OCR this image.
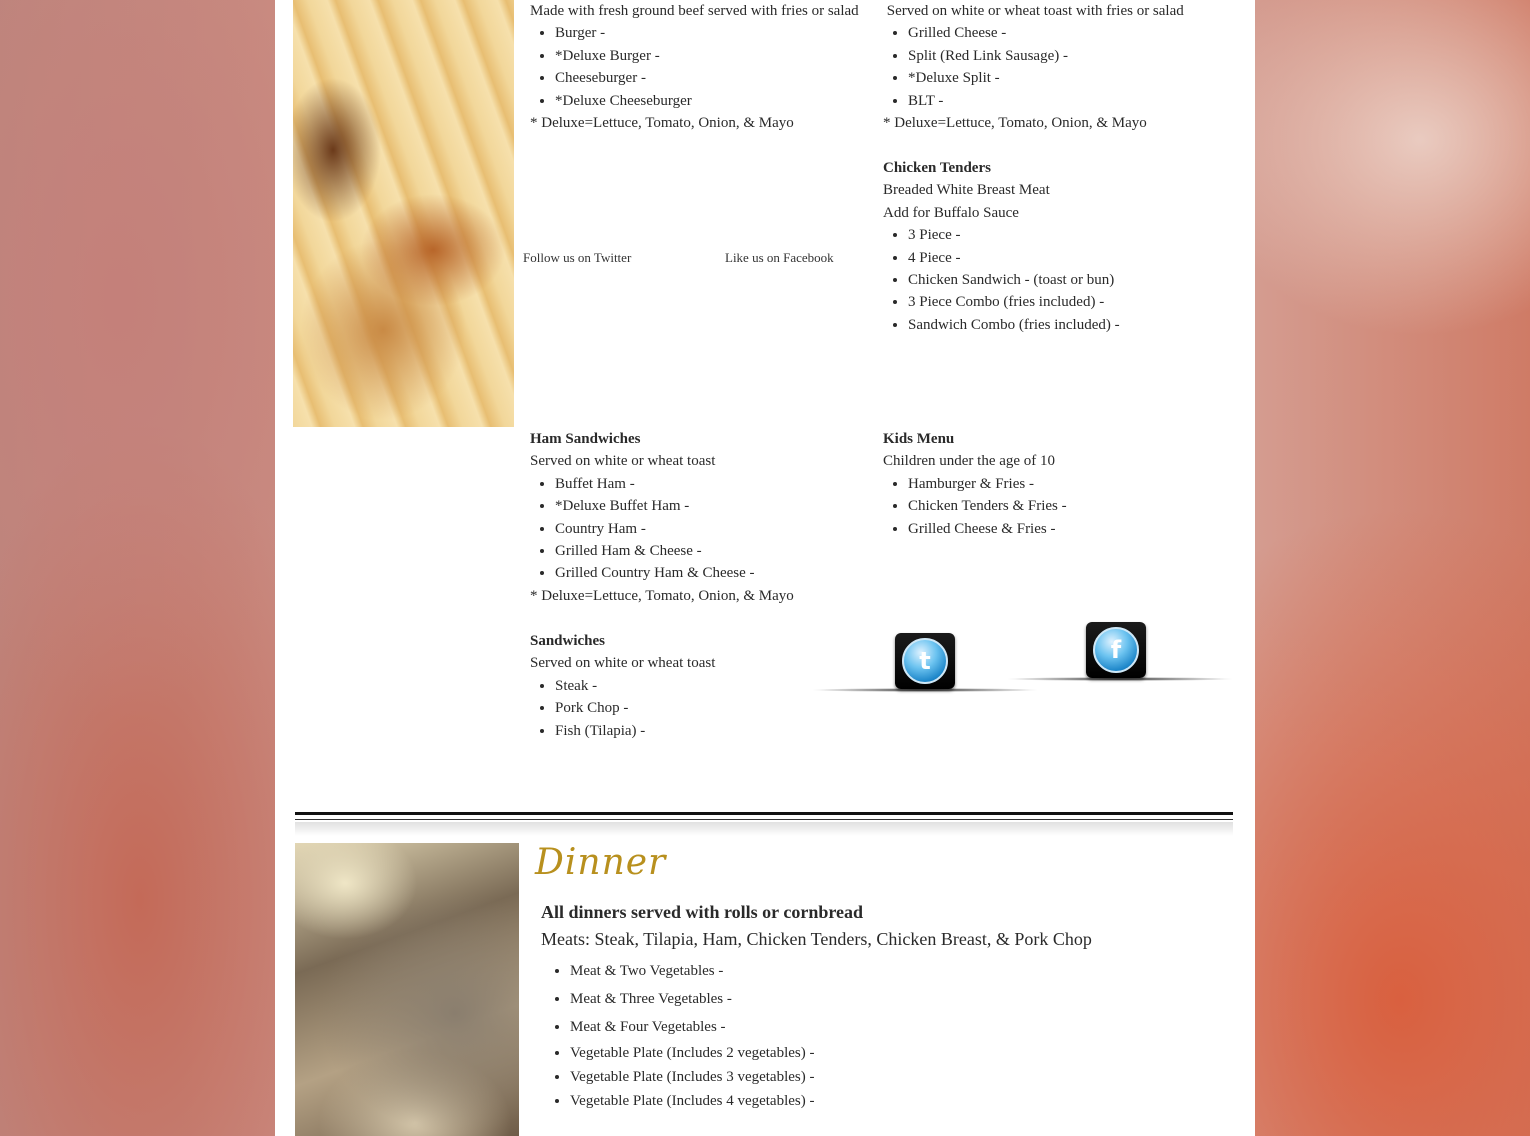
Made with fresh ground beef served with fries or salad
• Burger -
• *Deluxe Burger -
• Cheeseburger -
• *Deluxe Cheeseburger
* Deluxe=Lettuce, Tomato, Onion, & Mayo
Served on white or wheat toast with fries or salad
• Grilled Cheese -
• Split (Red Link Sausage) -
• *Deluxe Split -
• BLT -
* Deluxe=Lettuce, Tomato, Onion, & Mayo
Chicken Tenders
Breaded White Breast Meat
Add for Buffalo Sauce
• 3 Piece -
• 4 Piece -
• Chicken Sandwich - (toast or bun)
• 3 Piece Combo (fries included) -
• Sandwich Combo (fries included) -
Follow us on Twitter	Like us on Facebook
Ham Sandwiches
Served on white or wheat toast
• Buffet Ham -
• *Deluxe Buffet Ham -
• Country Ham -
• Grilled Ham & Cheese -
• Grilled Country Ham & Cheese -
* Deluxe=Lettuce, Tomato, Onion, & Mayo
Kids Menu
Children under the age of 10
• Hamburger & Fries -
• Chicken Tenders & Fries -
• Grilled Cheese & Fries -
Sandwiches
Served on white or wheat toast
• Steak -
• Pork Chop -
• Fish (Tilapia) -
t	f
Dinner
All dinners served with rolls or cornbread
Meats: Steak, Tilapia, Ham, Chicken Tenders, Chicken Breast, & Pork Chop
• Meat & Two Vegetables -
• Meat & Three Vegetables -
• Meat & Four Vegetables -
• Vegetable Plate (Includes 2 vegetables) -
• Vegetable Plate (Includes 3 vegetables) -
• Vegetable Plate (Includes 4 vegetables) -
